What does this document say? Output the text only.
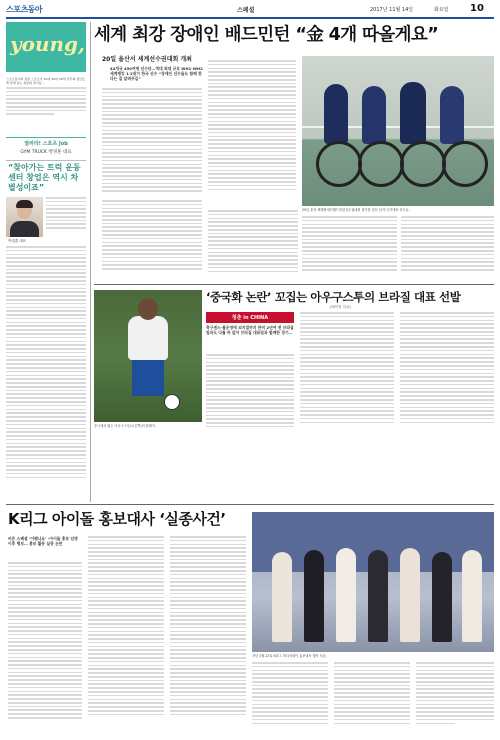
스포츠동아	스페셜	2017년 11월 14일	화요일 10
young,
스포츠동아와 청춘 스포츠가 10대 30대 20세 전후의 청년들에 함께 하는 청춘의 즐거움...
열려라! 스포츠 Job
GYM TRUCK 박경훈 대표
“찾아가는 트럭 운동센터 창업은 역시 차별성이죠”
박경훈 대표
세계 최강 장애인 배드민턴 “金 4개 따올게요”
20일 울산서 세계선수권대회 개최
44개국 450여명 선수단…역대 최대 규모 WH1·WH2 세계랭킹 1·2위가 한국 선수 “장애인 선수들도 함께 한다는 걸 알려주길”
20일 울산 세계장애인배드민턴선수권대회 참가를 앞둔 남자 국가대표 선수들.
‘중국화 논란’ 꼬집는 아우구스투의 브라질 대표 선발
(베이징 특파)
중국에서 뛰는 아우구스투(오른쪽)의 플레이.
청춘 in CHINA
축구센스·볼운영에 피지컬까지 완비 2년여 전 브라질 팀과도 다를 바 없어 브라질 대표팀과 함께한 경기…
K리그 아이돌 홍보대사 ‘실종사건’
비존 스폐셜 ‘어땠나요’ -아이돌 홍보 임명 이후 행보… 홍보 활동 실종 논란
지난 2월 22일 K리그 미디어데이 홍보대사 행사 모습.
